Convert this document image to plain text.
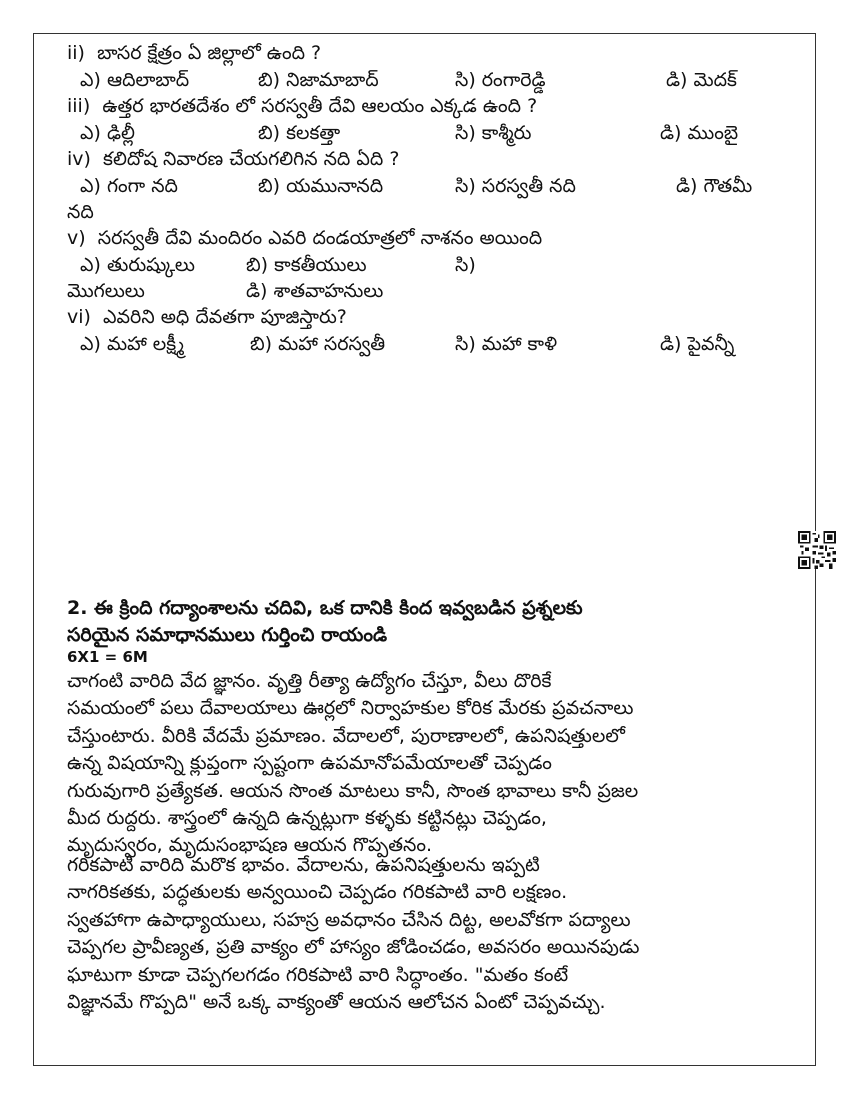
ii) బాసర క్షేత్రం ఏ జిల్లాలో ఉంది ?
ఎ) ఆదిలాబాద్	బి) నిజామాబాద్	సి) రంగారెడ్డి	డి) మెదక్
iii) ఉత్తర భారతదేశం లో సరస్వతీ దేవి ఆలయం ఎక్కడ ఉంది ?
ఎ) ఢిల్లీ	బి) కలకత్తా	సి) కాశ్మీరు	డి) ముంబై
iv) కలిదోష నివారణ చేయగలిగిన నది ఏది ?
ఎ) గంగా నది	బి) యమునానది	సి) సరస్వతీ నది	డి) గౌతమీ
నది
v) సరస్వతీ దేవి మందిరం ఎవరి దండయాత్రలో నాశనం అయింది
ఎ) తురుష్కులు	బి) కాకతీయులు	సి)
మొగలులు	డి) శాతవాహనులు
vi) ఎవరిని అధి దేవతగా పూజిస్తారు?
ఎ) మహా లక్ష్మీ	బి) మహా సరస్వతీ	సి) మహా కాళి	డి) పైవన్నీ
2. ఈ క్రింది గద్యాంశాలను చదివి, ఒక దానికి కింద ఇవ్వబడిన ప్రశ్నలకు
సరియైన సమాధానములు గుర్తించి రాయండి
6X1 = 6M
చాగంటి వారిది వేద జ్ఞానం. వృత్తి రీత్యా ఉద్యోగం చేస్తూ, వీలు దొరికే
సమయంలో పలు దేవాలయాలు ఊర్లలో నిర్వాహకుల కోరిక మేరకు ప్రవచనాలు
చేస్తుంటారు. వీరికి వేదమే ప్రమాణం. వేదాలలో, పురాణాలలో, ఉపనిషత్తులలో
ఉన్న విషయాన్ని క్లుప్తంగా స్పష్టంగా ఉపమానోపమేయాలతో చెప్పడం
గురువుగారి ప్రత్యేకత. ఆయన సొంత మాటలు కానీ, సొంత భావాలు కానీ ప్రజల
మీద రుద్దరు. శాస్త్రంలో ఉన్నది ఉన్నట్లుగా కళ్ళకు కట్టినట్లు చెప్పడం,
మృదుస్వరం, మృదుసంభాషణ ఆయన గొప్పతనం.
గరికపాటి వారిది మరొక భావం. వేదాలను, ఉపనిషత్తులను ఇప్పటి
నాగరికతకు, పద్ధతులకు అన్వయించి చెప్పడం గరికపాటి వారి లక్షణం.
స్వతహాగా ఉపాధ్యాయులు, సహస్ర అవధానం చేసిన దిట్ట, అలవోకగా పద్యాలు
చెప్పగల ప్రావీణ్యత, ప్రతి వాక్యం లో హాస్యం జోడించడం, అవసరం అయినపుడు
ఘాటుగా కూడా చెప్పగలగడం గరికపాటి వారి సిద్ధాంతం. "మతం కంటే
విజ్ఞానమే గొప్పది" అనే ఒక్క వాక్యంతో ఆయన ఆలోచన ఏంటో చెప్పవచ్చు.
